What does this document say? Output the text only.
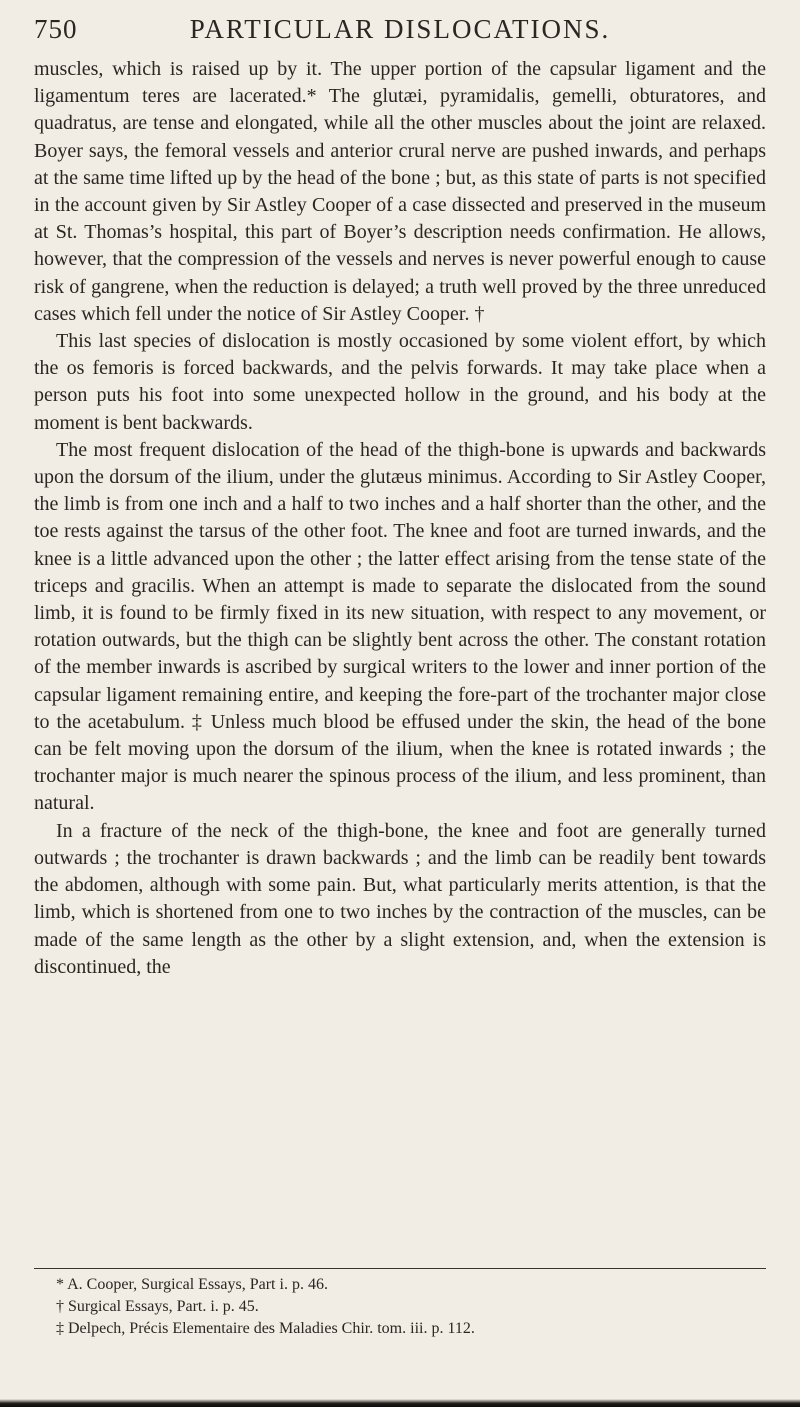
750	PARTICULAR DISLOCATIONS.

muscles, which is raised up by it. The upper portion of the capsular ligament and the ligamentum teres are lacerated.* The glutæi, pyramidalis, gemelli, obturatores, and quadratus, are tense and elongated, while all the other muscles about the joint are relaxed. Boyer says, the femoral vessels and anterior crural nerve are pushed inwards, and perhaps at the same time lifted up by the head of the bone ; but, as this state of parts is not specified in the account given by Sir Astley Cooper of a case dissected and preserved in the museum at St. Thomas’s hospital, this part of Boyer’s description needs confirmation. He allows, however, that the compression of the vessels and nerves is never powerful enough to cause risk of gangrene, when the reduction is delayed; a truth well proved by the three unreduced cases which fell under the notice of Sir Astley Cooper. †

This last species of dislocation is mostly occasioned by some violent effort, by which the os femoris is forced backwards, and the pelvis forwards. It may take place when a person puts his foot into some unexpected hollow in the ground, and his body at the moment is bent backwards.

The most frequent dislocation of the head of the thigh-bone is upwards and backwards upon the dorsum of the ilium, under the glutæus minimus. According to Sir Astley Cooper, the limb is from one inch and a half to two inches and a half shorter than the other, and the toe rests against the tarsus of the other foot. The knee and foot are turned inwards, and the knee is a little advanced upon the other ; the latter effect arising from the tense state of the triceps and gracilis. When an attempt is made to separate the dislocated from the sound limb, it is found to be firmly fixed in its new situation, with respect to any movement, or rotation outwards, but the thigh can be slightly bent across the other. The constant rotation of the member inwards is ascribed by surgical writers to the lower and inner portion of the capsular ligament remaining entire, and keeping the fore-part of the trochanter major close to the acetabulum. ‡ Unless much blood be effused under the skin, the head of the bone can be felt moving upon the dorsum of the ilium, when the knee is rotated inwards ; the trochanter major is much nearer the spinous process of the ilium, and less prominent, than natural.

In a fracture of the neck of the thigh-bone, the knee and foot are generally turned outwards ; the trochanter is drawn backwards ; and the limb can be readily bent towards the abdomen, although with some pain. But, what particularly merits attention, is that the limb, which is shortened from one to two inches by the contraction of the muscles, can be made of the same length as the other by a slight extension, and, when the extension is discontinued, the

* A. Cooper, Surgical Essays, Part i. p. 46.
† Surgical Essays, Part. i. p. 45.
‡ Delpech, Précis Elementaire des Maladies Chir. tom. iii. p. 112.
